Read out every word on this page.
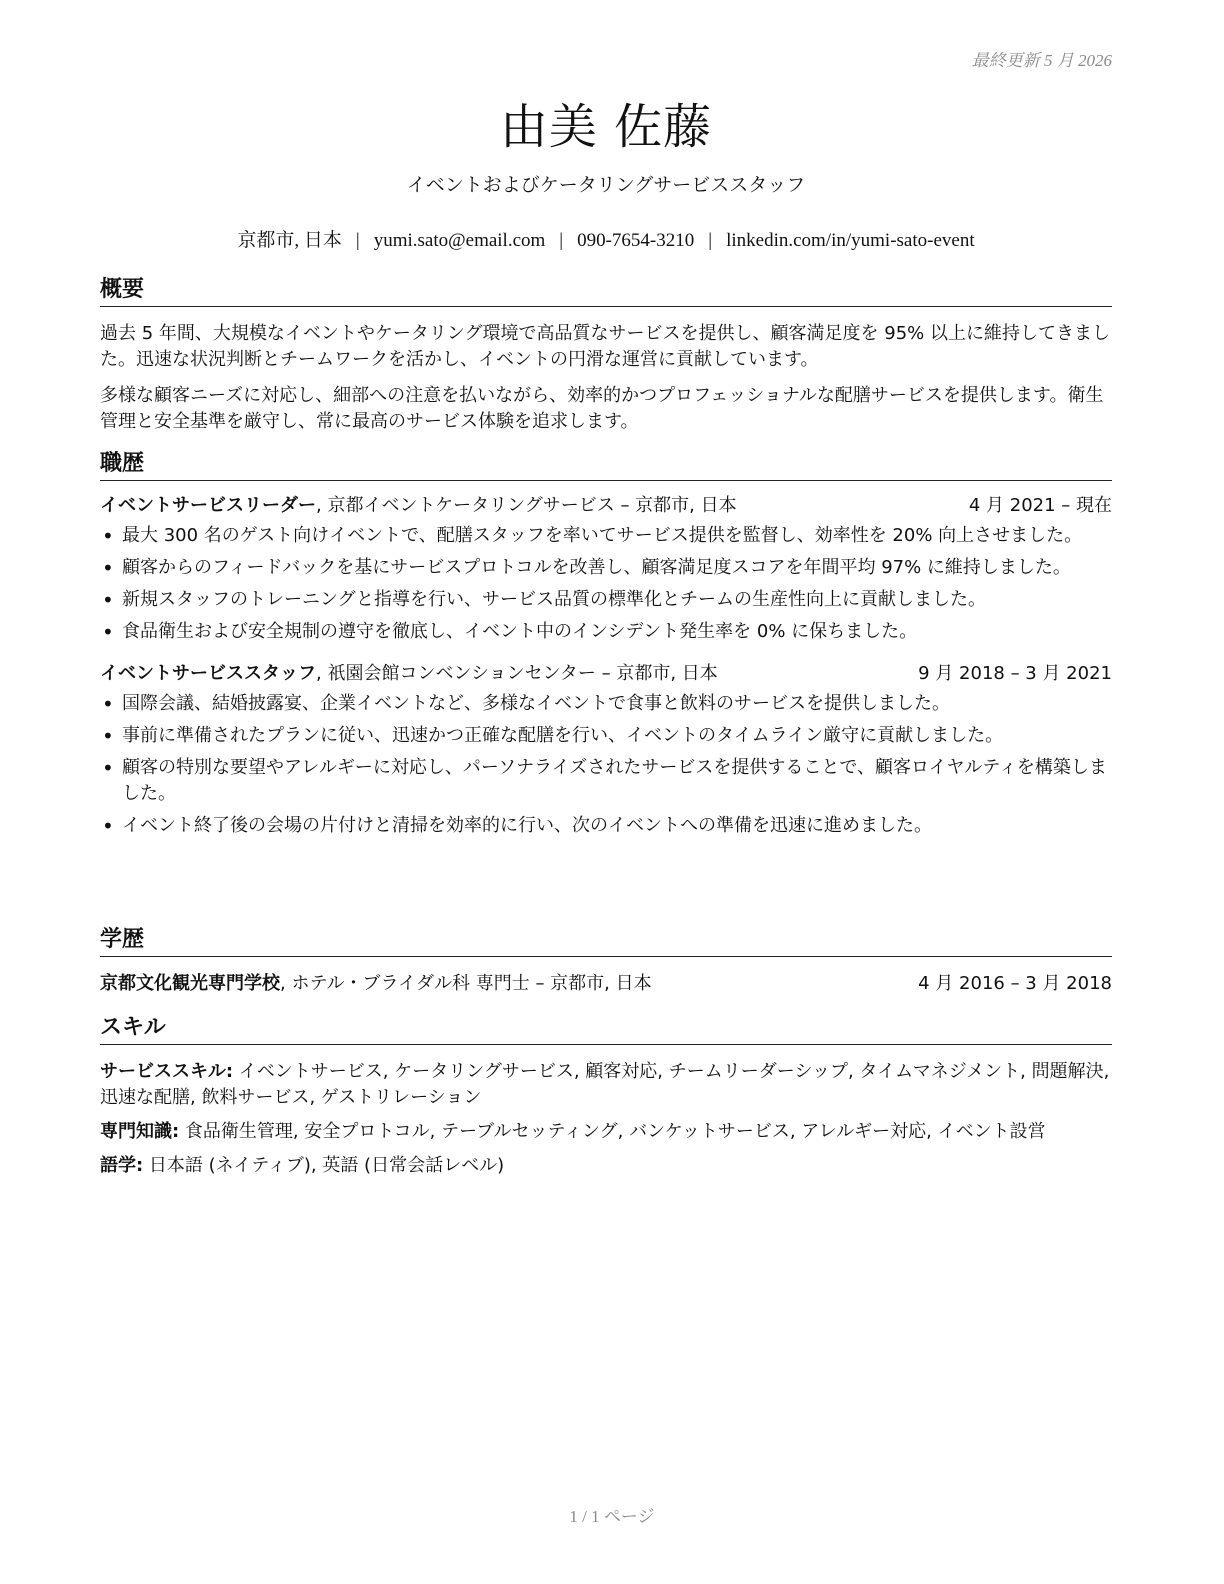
最終更新 5 月 2026
由美 佐藤
イベントおよびケータリングサービススタッフ
京都市, 日本 | yumi.sato@email.com | 090-7654-3210 | linkedin.com/in/yumi-sato-event
概要

過去 5 年間、大規模なイベントやケータリング環境で高品質なサービスを提供し、顧客満足度を 95% 以上に維持してきました。迅速な状況判断とチームワークを活かし、イベントの円滑な運営に貢献しています。

多様な顧客ニーズに対応し、細部への注意を払いながら、効率的かつプロフェッショナルな配膳サービスを提供します。衛生管理と安全基準を厳守し、常に最高のサービス体験を追求します。

職歴
イベントサービスリーダー, 京都イベントケータリングサービス – 京都市, 日本	4 月 2021 – 現在
• 最大 300 名のゲスト向けイベントで、配膳スタッフを率いてサービス提供を監督し、効率性を 20% 向上させました。
• 顧客からのフィードバックを基にサービスプロトコルを改善し、顧客満足度スコアを年間平均 97% に維持しました。
• 新規スタッフのトレーニングと指導を行い、サービス品質の標準化とチームの生産性向上に貢献しました。
• 食品衛生および安全規制の遵守を徹底し、イベント中のインシデント発生率を 0% に保ちました。
イベントサービススタッフ, 祇園会館コンベンションセンター – 京都市, 日本	9 月 2018 – 3 月 2021
• 国際会議、結婚披露宴、企業イベントなど、多様なイベントで食事と飲料のサービスを提供しました。
• 事前に準備されたプランに従い、迅速かつ正確な配膳を行い、イベントのタイムライン厳守に貢献しました。
• 顧客の特別な要望やアレルギーに対応し、パーソナライズされたサービスを提供することで、顧客ロイヤルティを構築しました。
• イベント終了後の会場の片付けと清掃を効率的に行い、次のイベントへの準備を迅速に進めました。
学歴
京都文化観光専門学校, ホテル・ブライダル科 専門士 – 京都市, 日本	4 月 2016 – 3 月 2018
スキル

サービススキル: イベントサービス, ケータリングサービス, 顧客対応, チームリーダーシップ, タイムマネジメント, 問題解決, 迅速な配膳, 飲料サービス, ゲストリレーション

専門知識: 食品衛生管理, 安全プロトコル, テーブルセッティング, バンケットサービス, アレルギー対応, イベント設営

語学: 日本語 (ネイティブ), 英語 (日常会話レベル)

1 / 1 ページ
